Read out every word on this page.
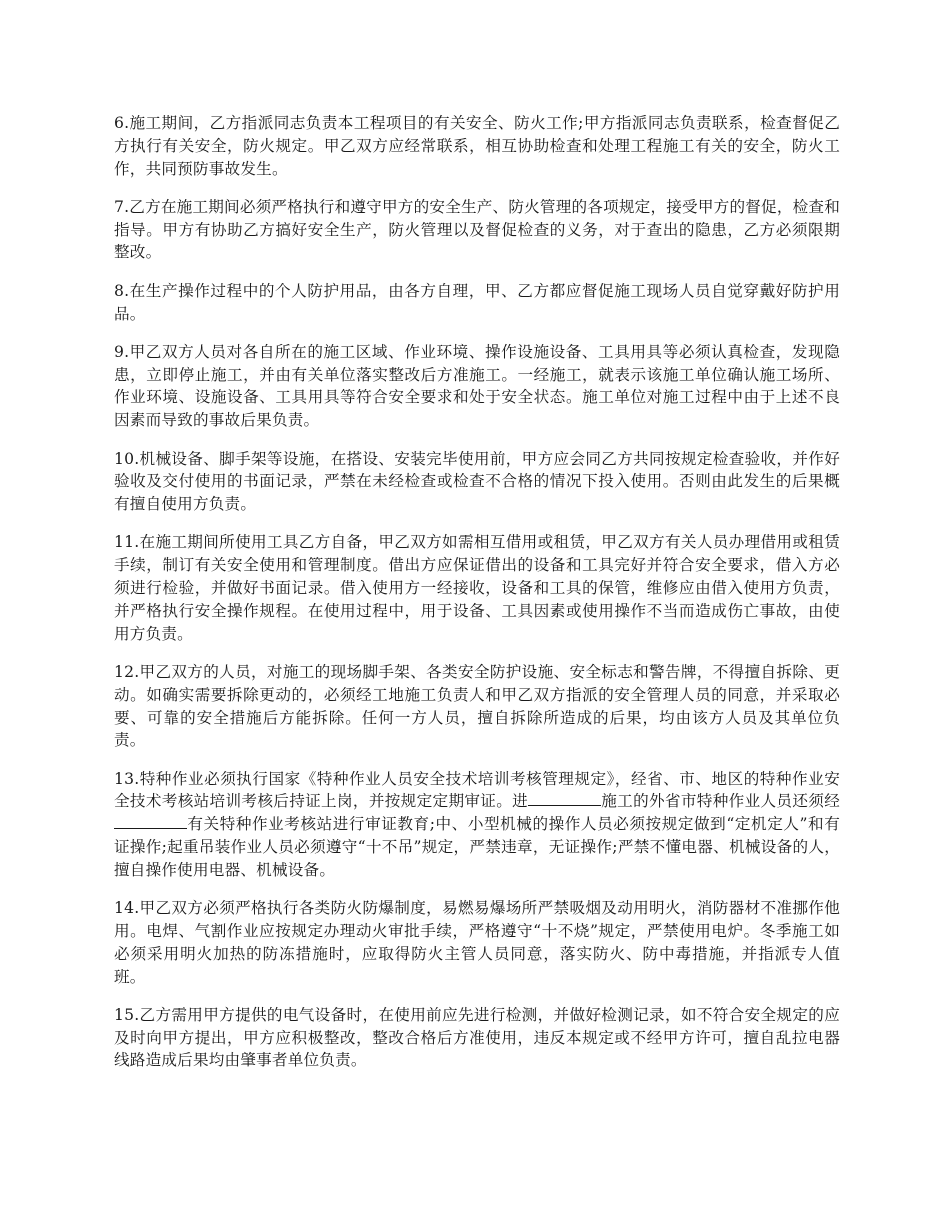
6.施工期间，乙方指派同志负责本工程项目的有关安全、防火工作;甲方指派同志负责联系，检查督促乙方执行有关安全，防火规定。甲乙双方应经常联系，相互协助检查和处理工程施工有关的安全，防火工作，共同预防事故发生。

7.乙方在施工期间必须严格执行和遵守甲方的安全生产、防火管理的各项规定，接受甲方的督促，检查和指导。甲方有协助乙方搞好安全生产，防火管理以及督促检查的义务，对于查出的隐患，乙方必须限期整改。

8.在生产操作过程中的个人防护用品，由各方自理，甲、乙方都应督促施工现场人员自觉穿戴好防护用品。

9.甲乙双方人员对各自所在的施工区域、作业环境、操作设施设备、工具用具等必须认真检查，发现隐患，立即停止施工，并由有关单位落实整改后方准施工。一经施工，就表示该施工单位确认施工场所、作业环境、设施设备、工具用具等符合安全要求和处于安全状态。施工单位对施工过程中由于上述不良因素而导致的事故后果负责。

10.机械设备、脚手架等设施，在搭设、安装完毕使用前，甲方应会同乙方共同按规定检查验收，并作好验收及交付使用的书面记录，严禁在未经检查或检查不合格的情况下投入使用。否则由此发生的后果概有擅自使用方负责。

11.在施工期间所使用工具乙方自备，甲乙双方如需相互借用或租赁，甲乙双方有关人员办理借用或租赁手续，制订有关安全使用和管理制度。借出方应保证借出的设备和工具完好并符合安全要求，借入方必须进行检验，并做好书面记录。借入使用方一经接收，设备和工具的保管，维修应由借入使用方负责，并严格执行安全操作规程。在使用过程中，用于设备、工具因素或使用操作不当而造成伤亡事故，由使用方负责。

12.甲乙双方的人员，对施工的现场脚手架、各类安全防护设施、安全标志和警告牌，不得擅自拆除、更动。如确实需要拆除更动的，必须经工地施工负责人和甲乙双方指派的安全管理人员的同意，并采取必要、可靠的安全措施后方能拆除。任何一方人员，擅自拆除所造成的后果，均由该方人员及其单位负责。

13.特种作业必须执行国家《特种作业人员安全技术培训考核管理规定》，经省、市、地区的特种作业安全技术考核站培训考核后持证上岗，并按规定定期审证。进	施工的外省市特种作业人员还须经有关特种作业考核站进行审证教育;中、小型机械的操作人员必须按规定做到“定机定人”和有证操作;起重吊装作业人员必须遵守“十不吊”规定，严禁违章，无证操作;严禁不懂电器、机械设备的人，擅自操作使用电器、机械设备。

14.甲乙双方必须严格执行各类防火防爆制度，易燃易爆场所严禁吸烟及动用明火，消防器材不准挪作他用。电焊、气割作业应按规定办理动火审批手续，严格遵守“十不烧”规定，严禁使用电炉。冬季施工如必须采用明火加热的防冻措施时，应取得防火主管人员同意，落实防火、防中毒措施，并指派专人值班。

15.乙方需用甲方提供的电气设备时，在使用前应先进行检测，并做好检测记录，如不符合安全规定的应及时向甲方提出，甲方应积极整改，整改合格后方准使用，违反本规定或不经甲方许可，擅自乱拉电器线路造成后果均由肇事者单位负责。
